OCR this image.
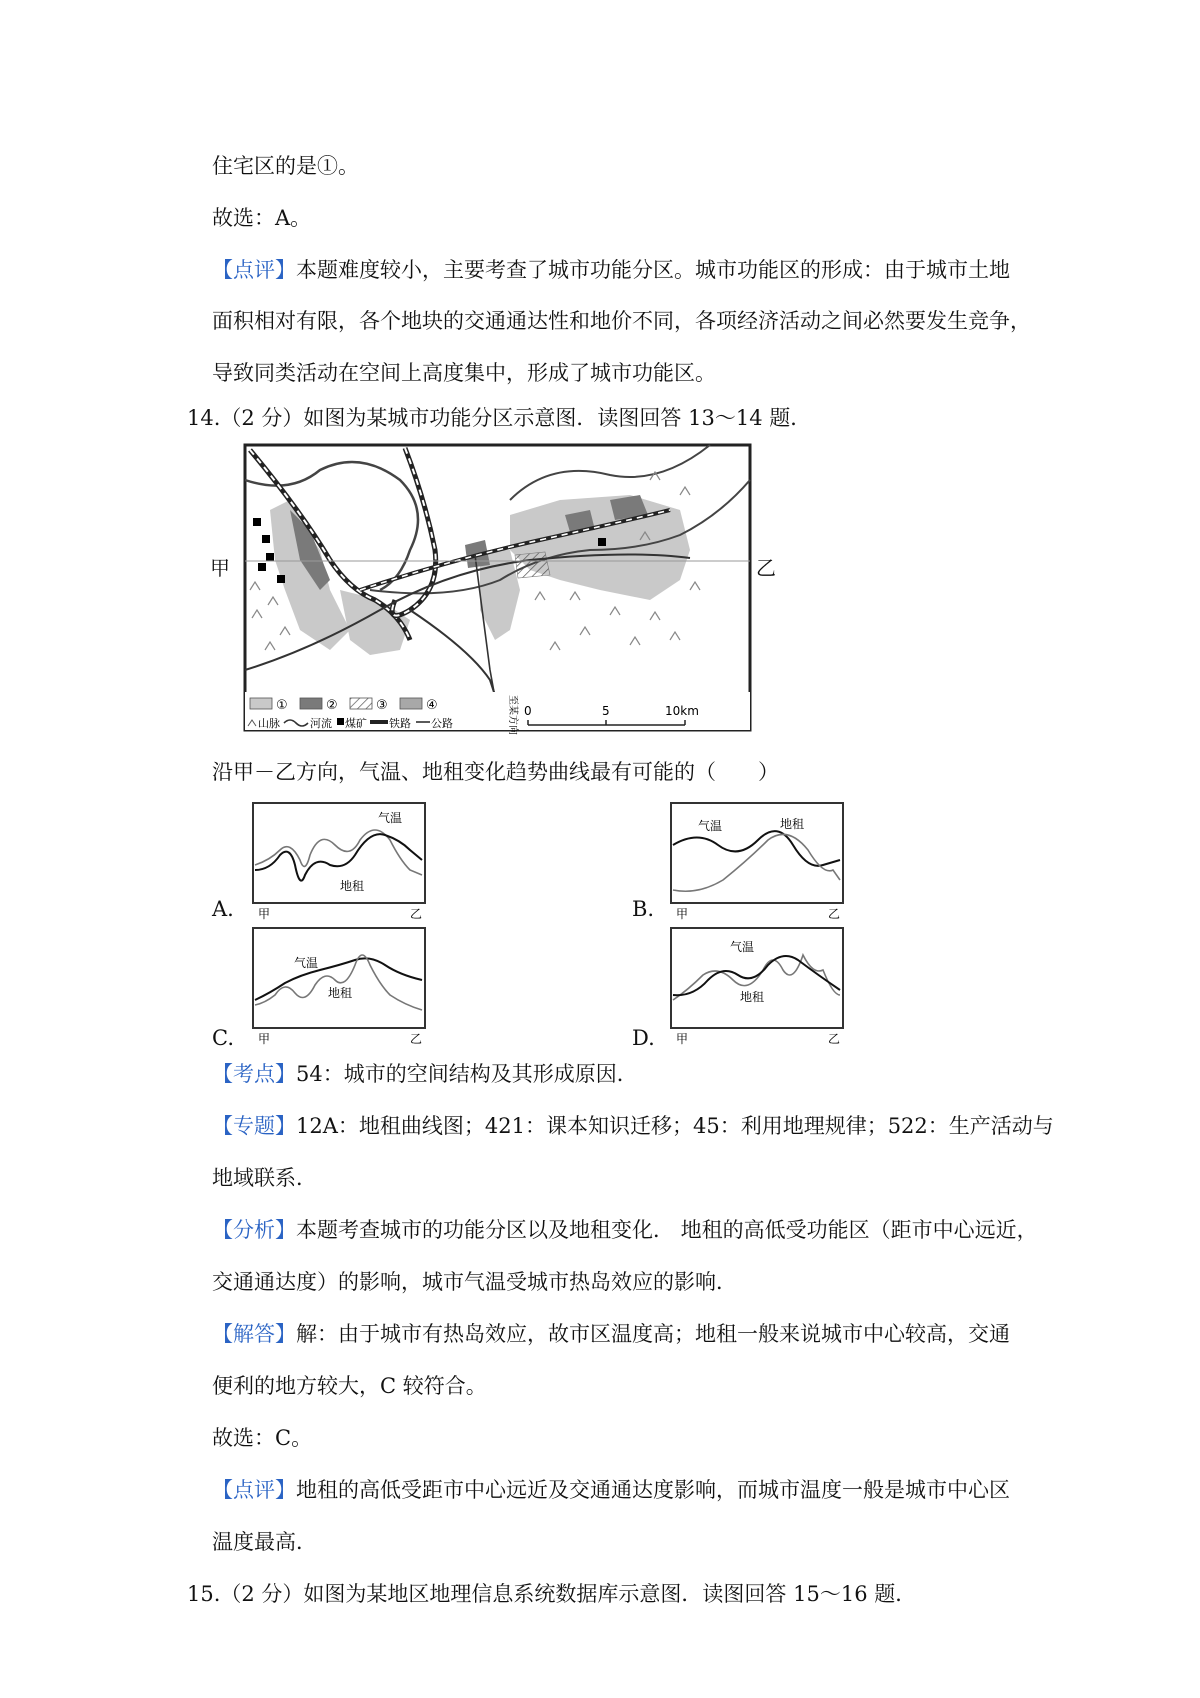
住宅区的是①。
故选：A。
【点评】本题难度较小，主要考查了城市功能分区。城市功能区的形成：由于城市土地
面积相对有限，各个地块的交通通达性和地价不同，各项经济活动之间必然要发生竞争，
导致同类活动在空间上高度集中，形成了城市功能区。
14.（2 分）如图为某城市功能分区示意图．读图回答 13～14 题．
①	②	③	④
山脉	河流 煤矿 铁路 公路
0	5	10km
至某方向
甲	乙
沿甲－乙方向，气温、地租变化趋势曲线最有可能的（　　）
A.
气温
地租
甲	乙	B.
气温	地租
甲	乙
C.
气温
地租
甲	乙	D.
气温
地租
甲	乙
【考点】54：城市的空间结构及其形成原因．
【专题】12A：地租曲线图；421：课本知识迁移；45：利用地理规律；522：生产活动与
地域联系．
【分析】本题考查城市的功能分区以及地租变化． 地租的高低受功能区（距市中心远近，
交通通达度）的影响，城市气温受城市热岛效应的影响．
【解答】解：由于城市有热岛效应，故市区温度高；地租一般来说城市中心较高，交通
便利的地方较大，C 较符合。
故选：C。
【点评】地租的高低受距市中心远近及交通通达度影响，而城市温度一般是城市中心区
温度最高．
15.（2 分）如图为某地区地理信息系统数据库示意图．读图回答 15～16 题．
